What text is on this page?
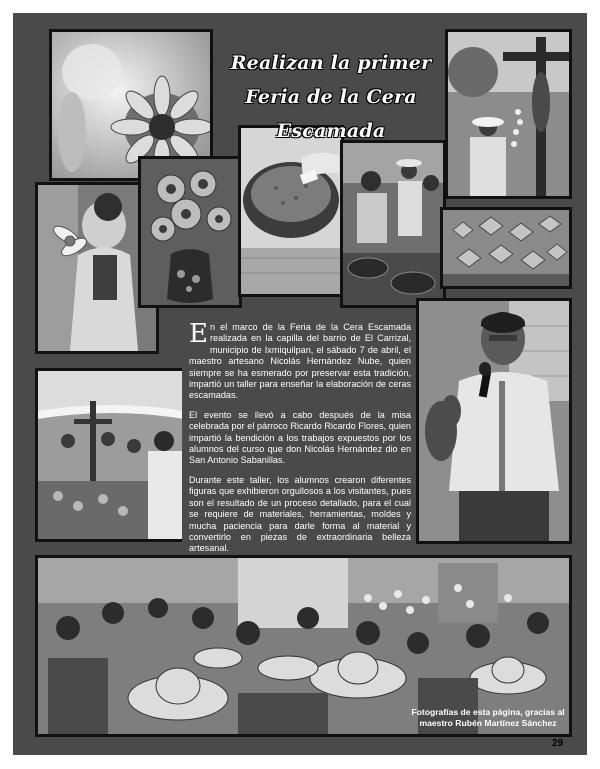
Realizan la primer
Feria de la Cera Escamada

En el marco de la Feria de la Cera Escamada realizada en la capilla del barrio de El Carrizal, municipio de Ixmiquilpan, el sábado 7 de abril, el maestro artesano Nicolás Hernández Nube, quien siempre se ha esmerado por preservar esta tradición, impartió un taller para enseñar la elaboración de ceras escamadas.

El evento se llevó a cabo después de la misa celebrada por el párroco Ricardo Ricardo Flores, quien impartió la bendición a los trabajos expuestos por los alumnos del curso que don Nicolás Hernández dio en San Antonio Sabanillas.

Durante este taller, los alumnos crearon diferentes figuras que exhibieron orgullosos a los visitantes, pues son el resultado de un proceso detallado, para el cual se requiere de materiales, herramientas, moldes y mucha paciencia para darle forma al material y convertirlo en piezas de extraordinaria belleza artesanal.

Fotografías de esta página, gracias al maestro Rubén Martínez Sánchez
29
